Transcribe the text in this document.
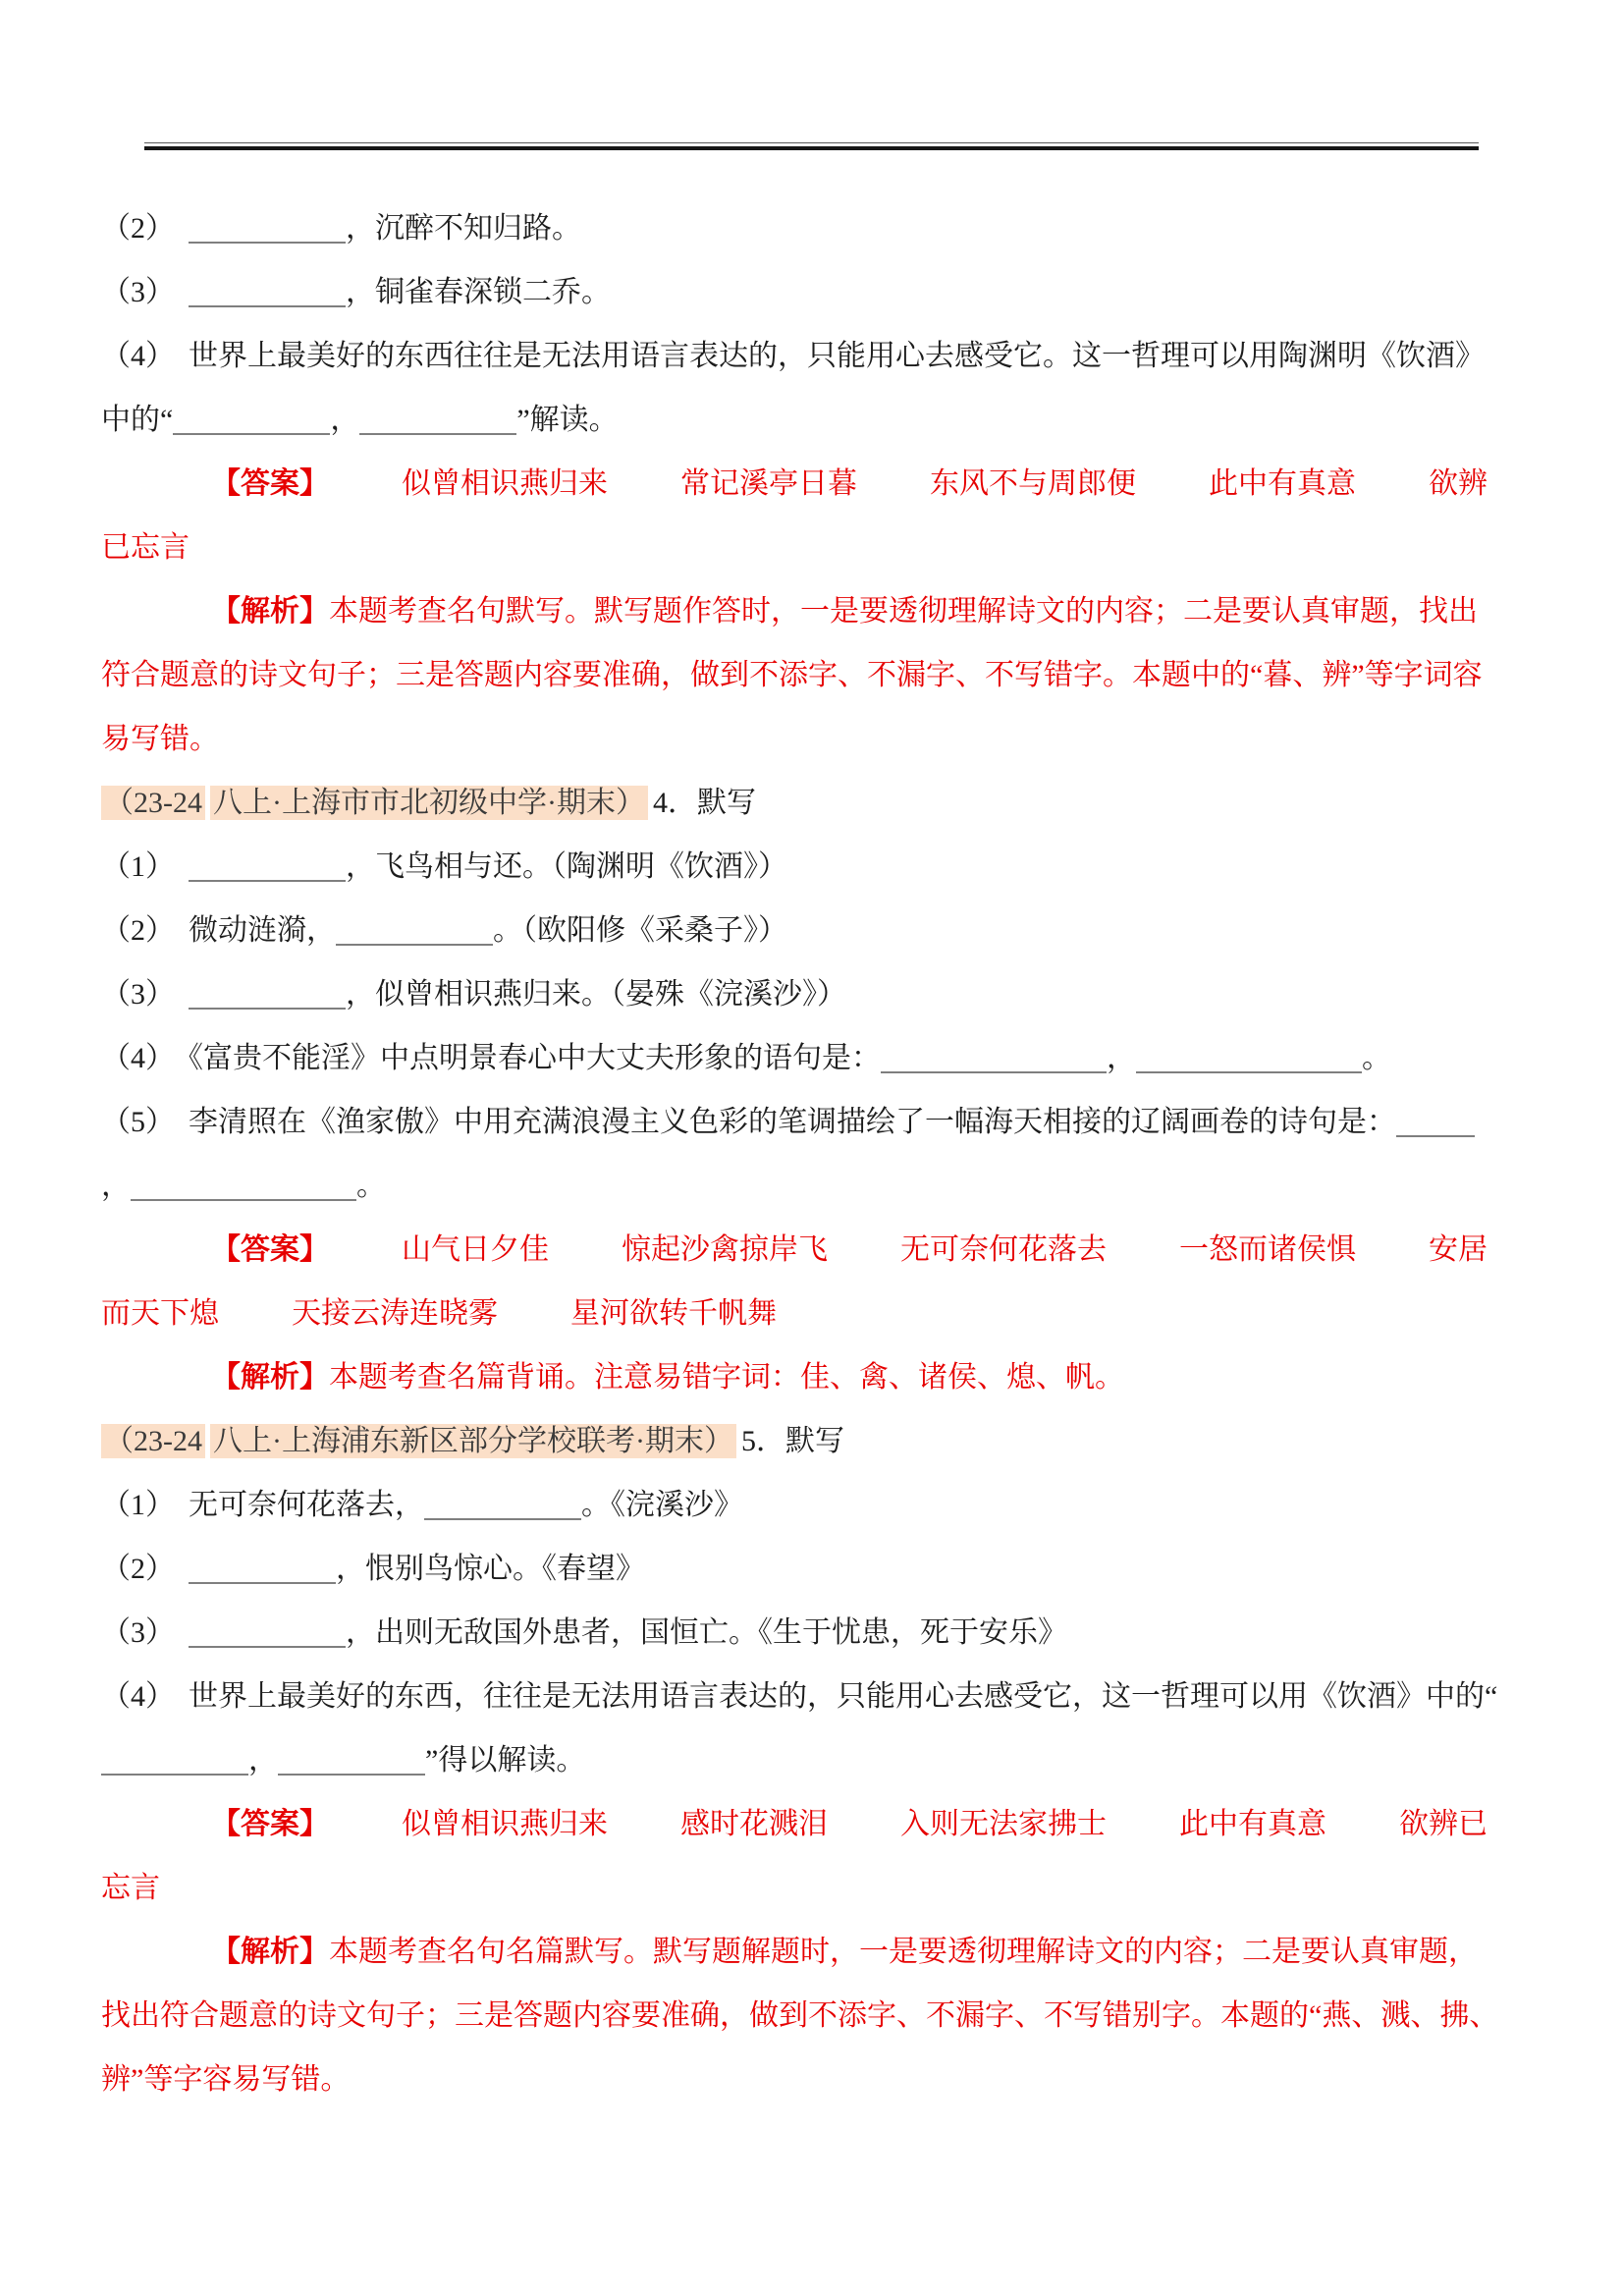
（2）	，沉醉不知归路。

（3）	，铜雀春深锁二乔。

（4） 世界上最美好的东西往往是无法用语言表达的，只能用心去感受它。这一哲理可以用陶渊明《饮酒》中的“	，	”解读。

【答案】 似曾相识燕归来 常记溪亭日暮 东风不与周郎便 此中有真意 欲辨已忘言

【解析】本题考查名句默写。默写题作答时，一是要透彻理解诗文的内容；二是要认真审题，找出符合题意的诗文句子；三是答题内容要准确，做到不添字、不漏字、不写错字。本题中的“暮、辨”等字词容易写错。

（23-24 八上·上海市市北初级中学·期末） 4．默写

（1）	，飞鸟相与还。（陶渊明《饮酒》）

（2） 微动涟漪，	。（欧阳修《采桑子》）

（3）	，似曾相识燕归来。（晏殊《浣溪沙》）

（4） 《富贵不能淫》中点明景春心中大丈夫形象的语句是：	，	。

（5） 李清照在《渔家傲》中用充满浪漫主义色彩的笔调描绘了一幅海天相接的辽阔画卷的诗句是：

，	。

【答案】 山气日夕佳 惊起沙禽掠岸飞 无可奈何花落去 一怒而诸侯惧 安居而天下熄 天接云涛连晓雾 星河欲转千帆舞

【解析】本题考查名篇背诵。注意易错字词：佳、禽、诸侯、熄、帆。

（23-24 八上·上海浦东新区部分学校联考·期末） 5．默写

（1） 无可奈何花落去，	。《浣溪沙》

（2）	，恨别鸟惊心。《春望》

（3）	，出则无敌国外患者，国恒亡。《生于忧患，死于安乐》

（4） 世界上最美好的东西，往往是无法用语言表达的，只能用心去感受它，这一哲理可以用《饮酒》中的“，	”得以解读。

【答案】 似曾相识燕归来 感时花溅泪 入则无法家拂士 此中有真意 欲辨已忘言

【解析】本题考查名句名篇默写。默写题解题时，一是要透彻理解诗文的内容；二是要认真审题，找出符合题意的诗文句子；三是答题内容要准确，做到不添字、不漏字、不写错别字。本题的“燕、溅、拂、辨”等字容易写错。
